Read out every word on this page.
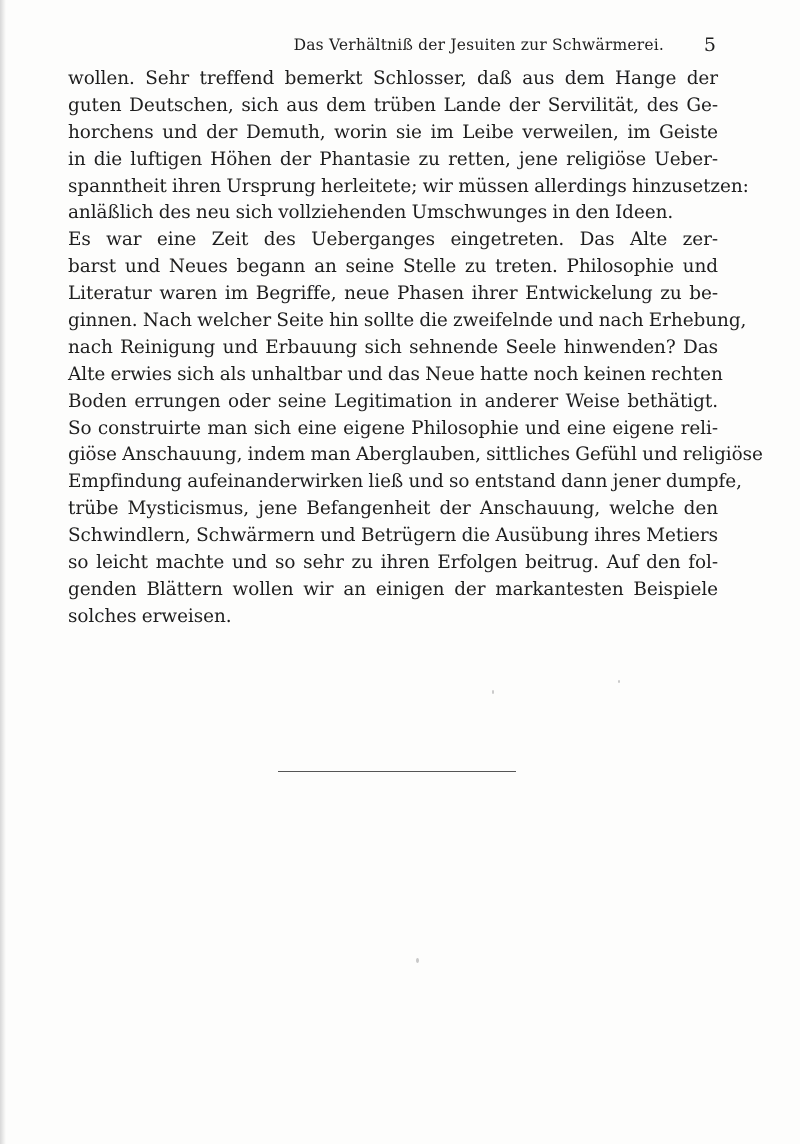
Das Verhältniß der Jesuiten zur Schwärmerei. 5
wollen. Sehr treffend bemerkt Schlosser, daß aus dem Hange der
guten Deutschen, sich aus dem trüben Lande der Servilität, des Ge-
horchens und der Demuth, worin sie im Leibe verweilen, im Geiste
in die luftigen Höhen der Phantasie zu retten, jene religiöse Ueber-
spanntheit ihren Ursprung herleitete; wir müssen allerdings hinzusetzen:
anläßlich des neu sich vollziehenden Umschwunges in den Ideen.
Es war eine Zeit des Ueberganges eingetreten. Das Alte zer-
barst und Neues begann an seine Stelle zu treten. Philosophie und
Literatur waren im Begriffe, neue Phasen ihrer Entwickelung zu be-
ginnen. Nach welcher Seite hin sollte die zweifelnde und nach Erhebung,
nach Reinigung und Erbauung sich sehnende Seele hinwenden? Das
Alte erwies sich als unhaltbar und das Neue hatte noch keinen rechten
Boden errungen oder seine Legitimation in anderer Weise bethätigt.
So construirte man sich eine eigene Philosophie und eine eigene reli-
giöse Anschauung, indem man Aberglauben, sittliches Gefühl und religiöse
Empfindung aufeinanderwirken ließ und so entstand dann jener dumpfe,
trübe Mysticismus, jene Befangenheit der Anschauung, welche den
Schwindlern, Schwärmern und Betrügern die Ausübung ihres Metiers
so leicht machte und so sehr zu ihren Erfolgen beitrug. Auf den fol-
genden Blättern wollen wir an einigen der markantesten Beispiele
solches erweisen.
